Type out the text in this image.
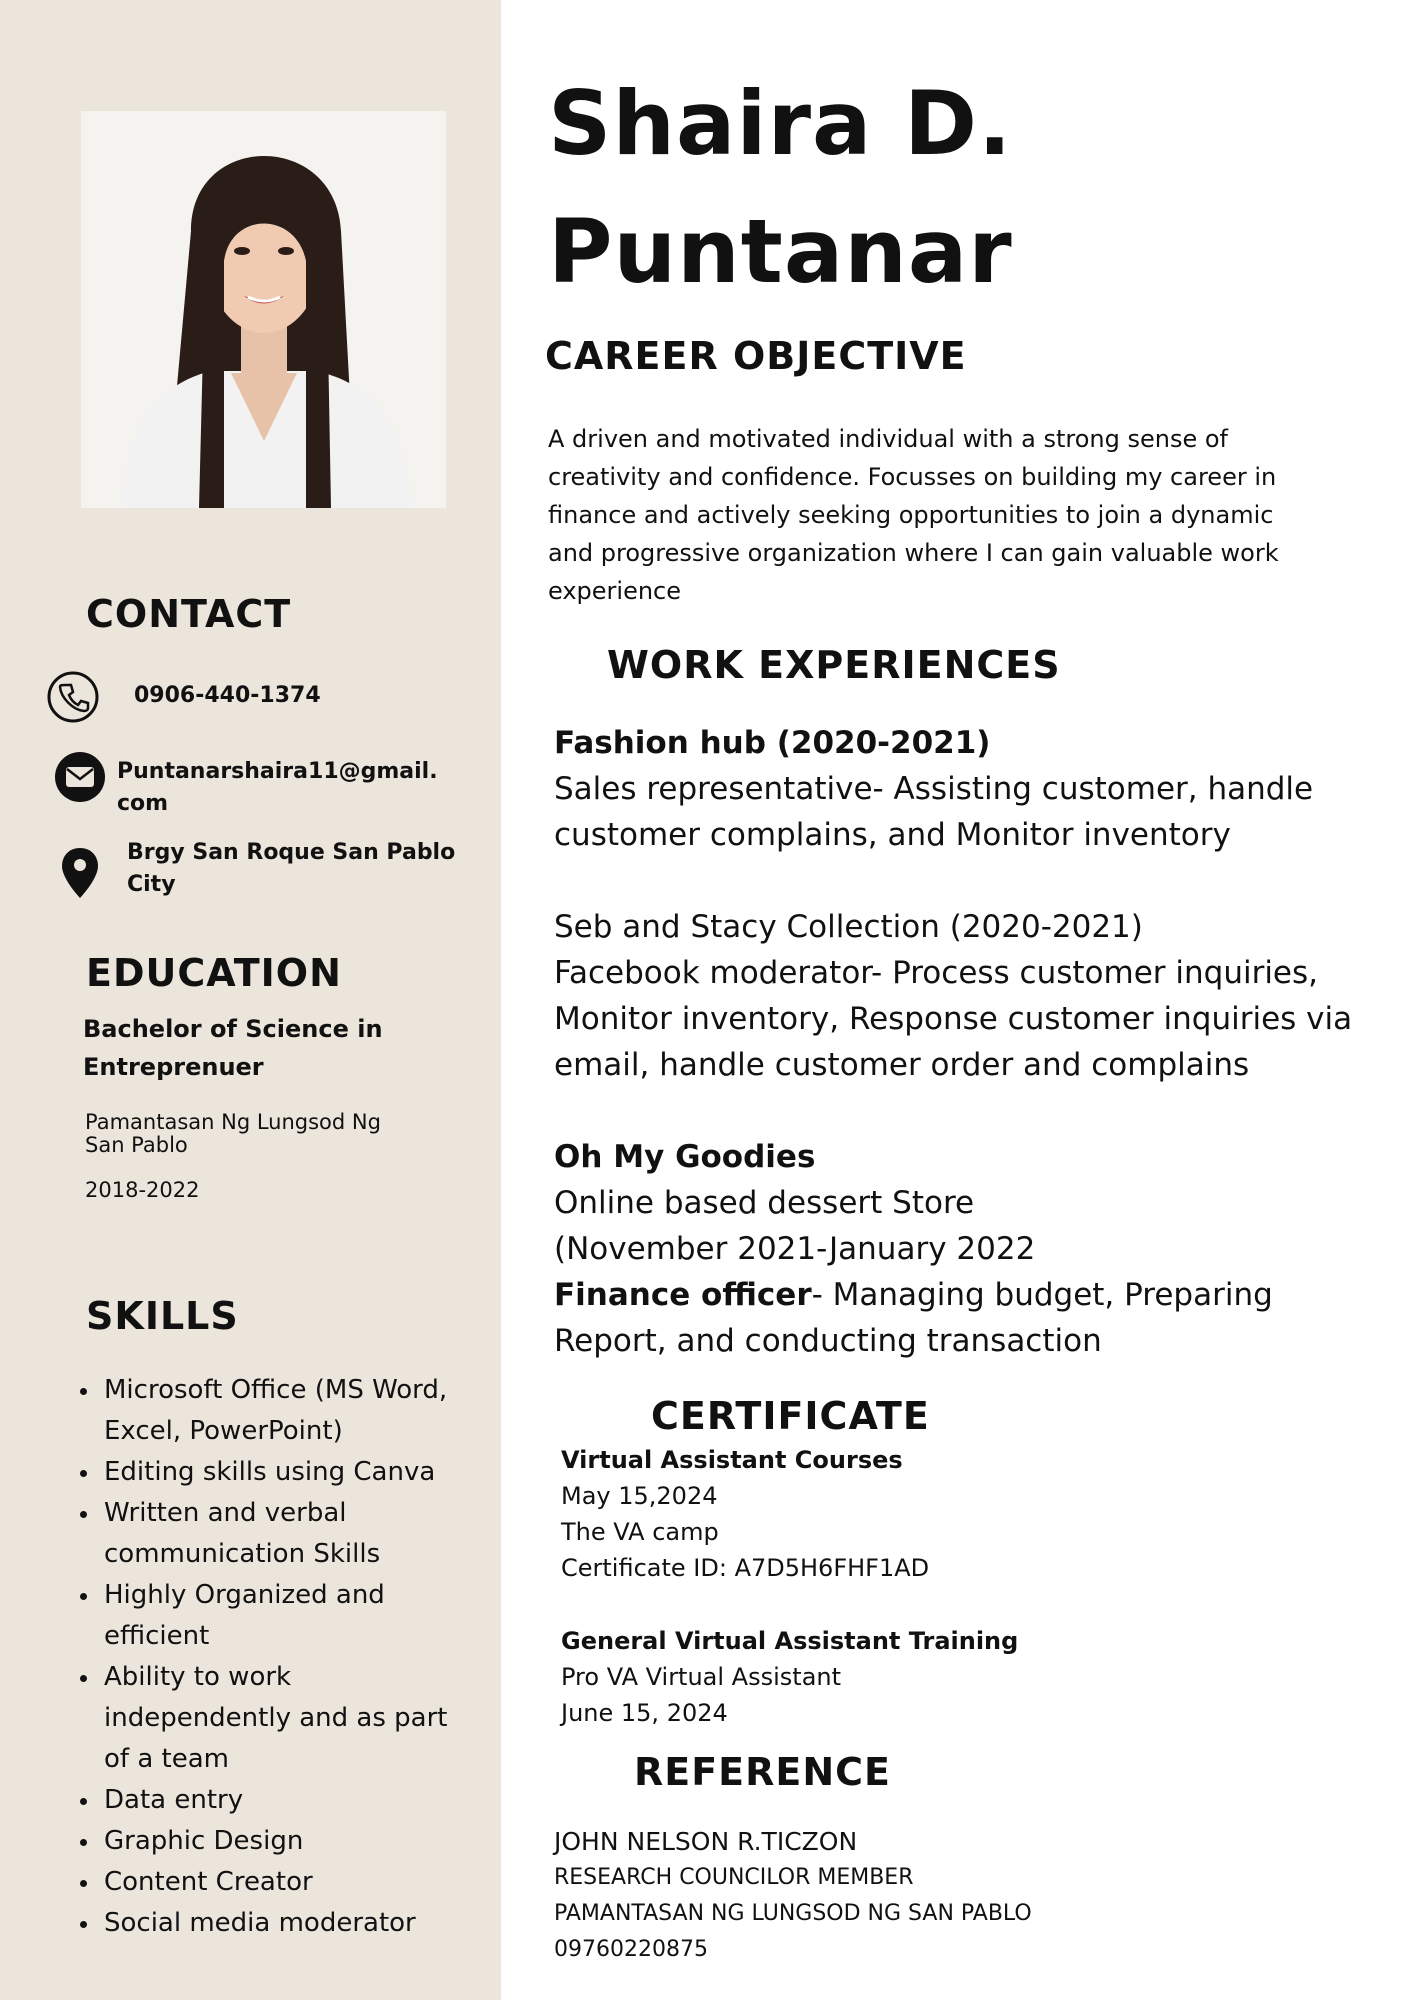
CONTACT
0906-440-1374
Puntanarshaira11@gmail.
com
Brgy San Roque San Pablo
City
EDUCATION
Bachelor of Science in
Entreprenuer
Pamantasan Ng Lungsod Ng
San Pablo
2018-2022
SKILLS
Microsoft Office (MS Word, Excel, PowerPoint)
Editing skills using Canva
Written and verbal communication Skills
Highly Organized and efficient
Ability to work independently and as part of a team
Data entry
Graphic Design
Content Creator
Social media moderator
Shaira D.
Puntanar
CAREER OBJECTIVE
A driven and motivated individual with a strong sense of creativity and confidence. Focusses on building my career in finance and actively seeking opportunities to join a dynamic and progressive organization where I can gain valuable work experience
WORK EXPERIENCES

Fashion hub (2020-2021)

Sales representative- Assisting customer, handle customer complains, and Monitor inventory

Seb and Stacy Collection (2020-2021)

Facebook moderator- Process customer inquiries, Monitor inventory, Response customer inquiries via email, handle customer order and complains

Oh My Goodies

Online based dessert Store

(November 2021-January 2022

Finance officer- Managing budget, Preparing Report, and conducting transaction

CERTIFICATE

Virtual Assistant Courses

May 15,2024

The VA camp

Certificate ID: A7D5H6FHF1AD

General Virtual Assistant Training

Pro VA Virtual Assistant

June 15, 2024

REFERENCE

JOHN NELSON R.TICZON

RESEARCH COUNCILOR MEMBER

PAMANTASAN NG LUNGSOD NG SAN PABLO

09760220875
